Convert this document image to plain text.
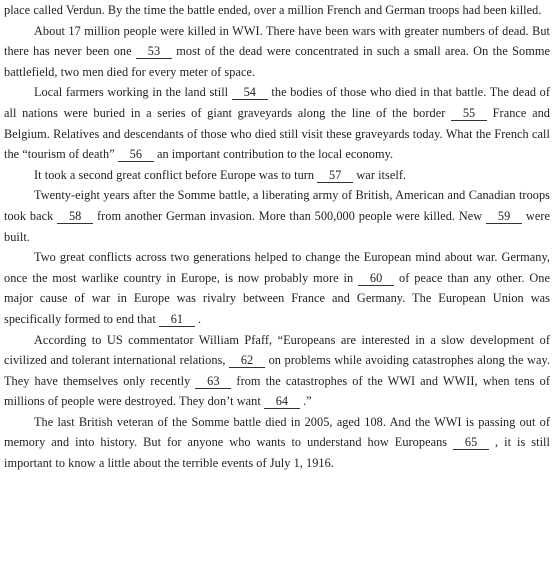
place called Verdun. By the time the battle ended, over a million French and German troops had been killed.

About 17 million people were killed in WWI. There have been wars with greater numbers of dead. But there has never been one 53 most of the dead were concentrated in such a small area. On the Somme battlefield, two men died for every meter of space.

Local farmers working in the land still 54 the bodies of those who died in that battle. The dead of all nations were buried in a series of giant graveyards along the line of the border 55 France and Belgium. Relatives and descendants of those who died still visit these graveyards today. What the French call the “tourism of death” 56 an important contribution to the local economy.

It took a second great conflict before Europe was to turn 57 war itself.

Twenty-eight years after the Somme battle, a liberating army of British, American and Canadian troops took back 58 from another German invasion. More than 500,000 people were killed. New 59 were built.

Two great conflicts across two generations helped to change the European mind about war. Germany, once the most warlike country in Europe, is now probably more in 60 of peace than any other. One major cause of war in Europe was rivalry between France and Germany. The European Union was specifically formed to end that 61 .

According to US commentator William Pfaff, “Europeans are interested in a slow development of civilized and tolerant international relations, 62 on problems while avoiding catastrophes along the way. They have themselves only recently 63 from the catastrophes of the WWI and WWII, when tens of millions of people were destroyed. They don’t want 64 .”

The last British veteran of the Somme battle died in 2005, aged 108. And the WWI is passing out of memory and into history. But for anyone who wants to understand how Europeans 65 , it is still important to know a little about the terrible events of July 1, 1916.
